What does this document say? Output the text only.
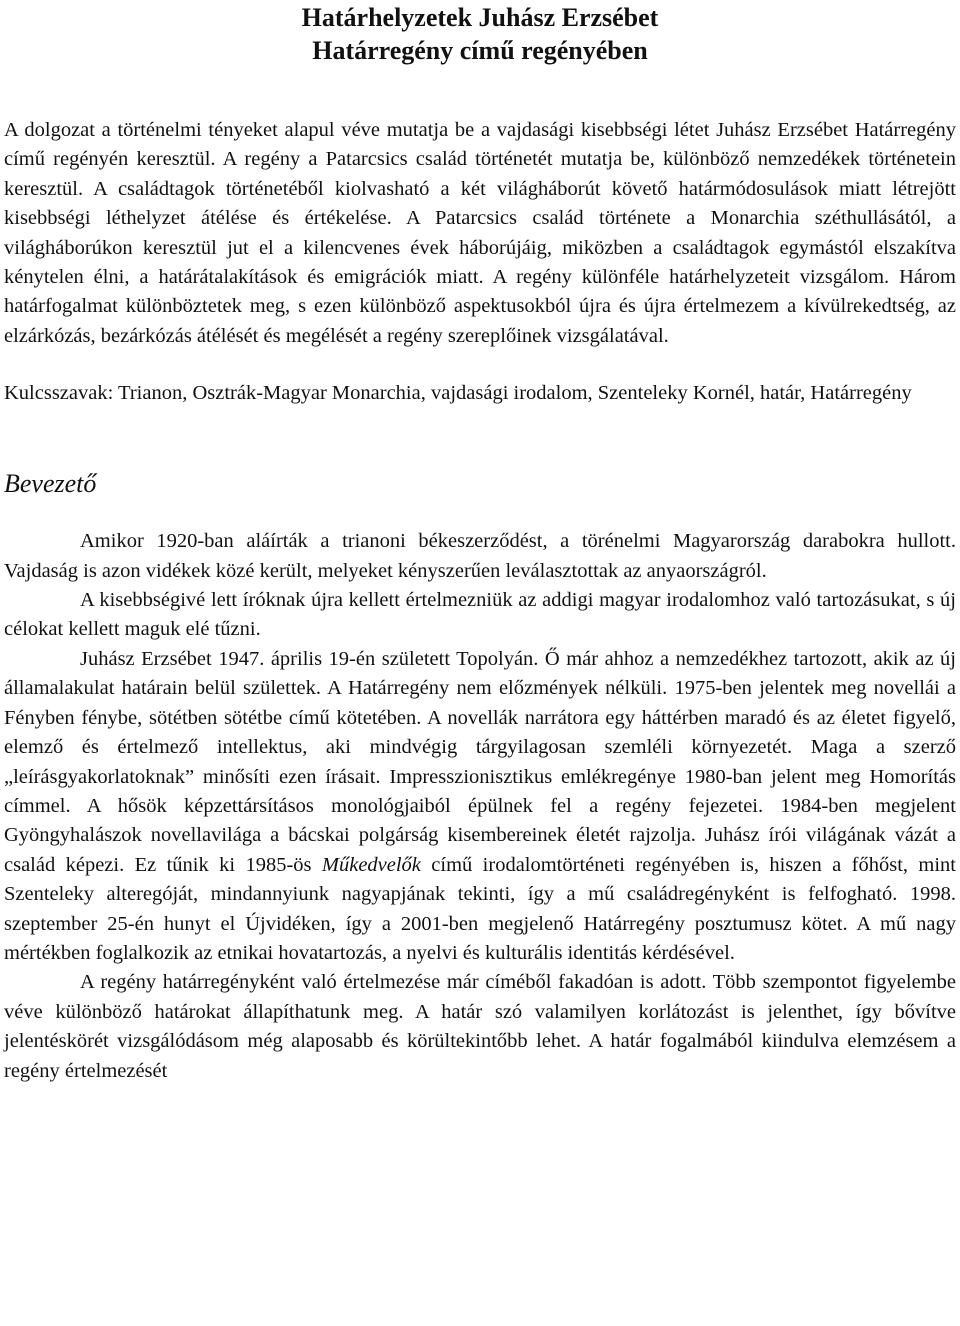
Határhelyzetek Juhász Erzsébet
Határregény című regényében
A dolgozat a történelmi tényeket alapul véve mutatja be a vajdasági kisebbségi létet Juhász Erzsébet Határregény című regényén keresztül. A regény a Patarcsics család történetét mutatja be, különböző nemzedékek történetein keresztül. A családtagok történetéből kiolvasható a két világháborút követő határmódosulások miatt létrejött kisebbségi léthelyzet átélése és értékelése. A Patarcsics család története a Monarchia széthullásától, a világháborúkon keresztül jut el a kilencvenes évek háborújáig, miközben a családtagok egymástól elszakítva kénytelen élni, a határátalakítások és emigrációk miatt. A regény különféle határhelyzeteit vizsgálom. Három határfogalmat különböztetek meg, s ezen különböző aspektusokból újra és újra értelmezem a kívülrekedtség, az elzárkózás, bezárkózás átélését és megélését a regény szereplőinek vizsgálatával.
Kulcsszavak: Trianon, Osztrák-Magyar Monarchia, vajdasági irodalom, Szenteleky Kornél, határ, Határregény
Bevezető

Amikor 1920-ban aláírták a trianoni békeszerződést, a törénelmi Magyarország darabokra hullott. Vajdaság is azon vidékek közé került, melyeket kényszerűen leválasztottak az anyaországról.

A kisebbségivé lett íróknak újra kellett értelmezniük az addigi magyar irodalomhoz való tartozásukat, s új célokat kellett maguk elé tűzni.

Juhász Erzsébet 1947. április 19-én született Topolyán. Ő már ahhoz a nemzedékhez tartozott, akik az új államalakulat határain belül születtek. A Határregény nem előzmények nélküli. 1975-ben jelentek meg novellái a Fényben fénybe, sötétben sötétbe című kötetében. A novellák narrátora egy háttérben maradó és az életet figyelő, elemző és értelmező intellektus, aki mindvégig tárgyilagosan szemléli környezetét. Maga a szerző „leírásgyakorlatoknak” minősíti ezen írásait. Impresszionisztikus emlékregénye 1980-ban jelent meg Homorítás címmel. A hősök képzettársításos monológjaiból épülnek fel a regény fejezetei. 1984-ben megjelent Gyöngyhalászok novellavilága a bácskai polgárság kisembereinek életét rajzolja. Juhász írói világának vázát a család képezi. Ez tűnik ki 1985-ös Műkedvelők című irodalomtörténeti regényében is, hiszen a főhőst, mint Szenteleky alteregóját, mindannyiunk nagyapjának tekinti, így a mű családregényként is felfogható. 1998. szeptember 25-én hunyt el Újvidéken, így a 2001-ben megjelenő Határregény posztumusz kötet. A mű nagy mértékben foglalkozik az etnikai hovatartozás, a nyelvi és kulturális identitás kérdésével.

A regény határregényként való értelmezése már címéből fakadóan is adott. Több szempontot figyelembe véve különböző határokat állapíthatunk meg. A határ szó valamilyen korlátozást is jelenthet, így bővítve jelentéskörét vizsgálódásom még alaposabb és körültekintőbb lehet. A határ fogalmából kiindulva elemzésem a regény értelmezését
